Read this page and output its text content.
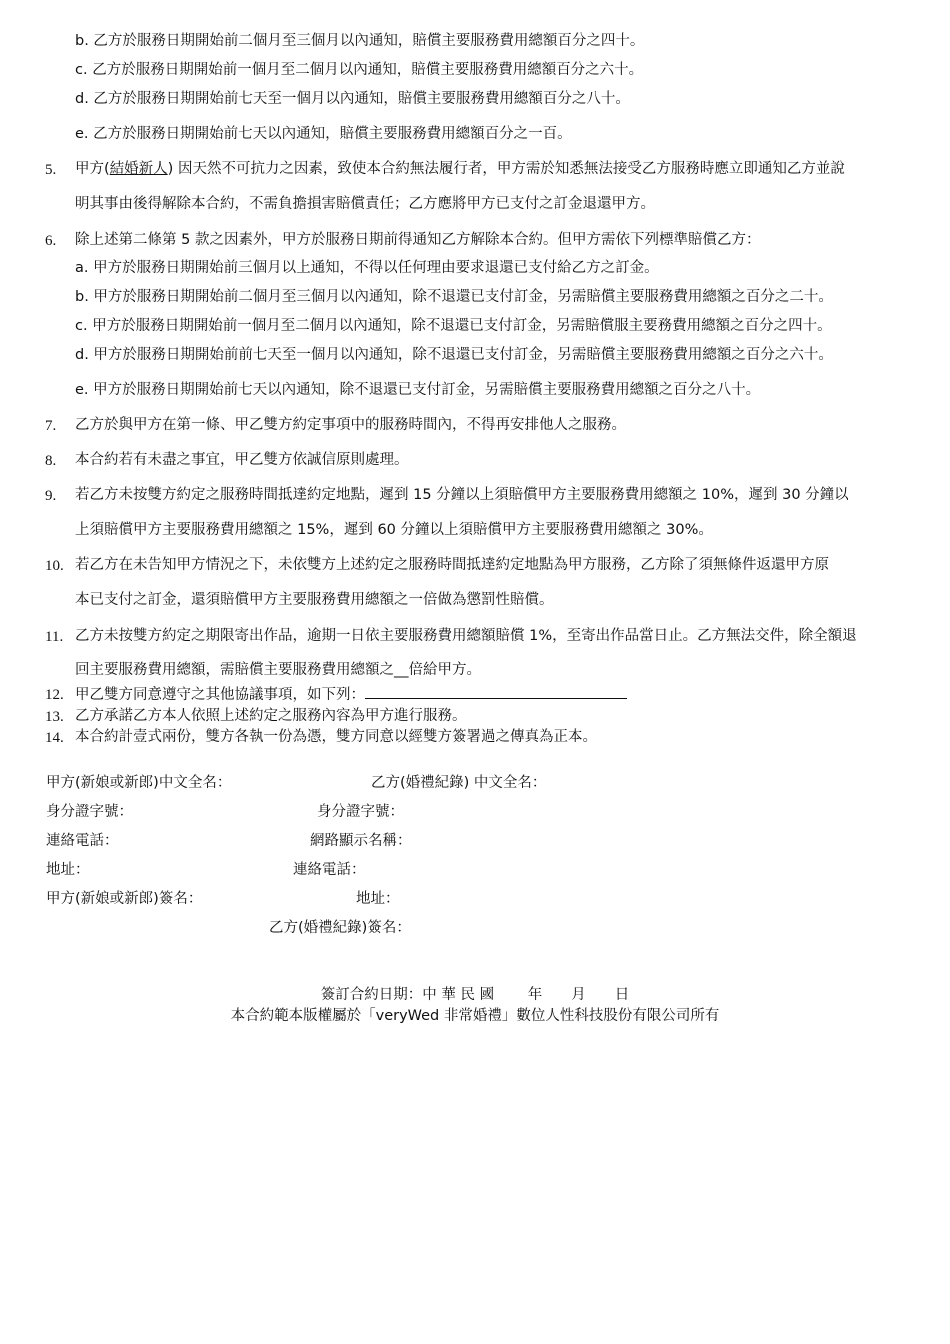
b. 乙方於服務日期開始前二個月至三個月以內通知，賠償主要服務費用總額百分之四十。
c. 乙方於服務日期開始前一個月至二個月以內通知，賠償主要服務費用總額百分之六十。
d. 乙方於服務日期開始前七天至一個月以內通知，賠償主要服務費用總額百分之八十。
e. 乙方於服務日期開始前七天以內通知，賠償主要服務費用總額百分之一百。
5. 甲方(結婚新人) 因天然不可抗力之因素，致使本合約無法履行者，甲方需於知悉無法接受乙方服務時應立即通知乙方並說
明其事由後得解除本合約，不需負擔損害賠償責任；乙方應將甲方已支付之訂金退還甲方。
6. 除上述第二條第 5 款之因素外，甲方於服務日期前得通知乙方解除本合約。但甲方需依下列標準賠償乙方：
a. 甲方於服務日期開始前三個月以上通知，不得以任何理由要求退還已支付給乙方之訂金。
b. 甲方於服務日期開始前二個月至三個月以內通知，除不退還已支付訂金，另需賠償主要服務費用總額之百分之二十。
c. 甲方於服務日期開始前一個月至二個月以內通知，除不退還已支付訂金，另需賠償服主要務費用總額之百分之四十。
d. 甲方於服務日期開始前前七天至一個月以內通知，除不退還已支付訂金，另需賠償主要服務費用總額之百分之六十。
e. 甲方於服務日期開始前七天以內通知，除不退還已支付訂金，另需賠償主要服務費用總額之百分之八十。
7. 乙方於與甲方在第一條、甲乙雙方約定事項中的服務時間內，不得再安排他人之服務。
8. 本合約若有未盡之事宜，甲乙雙方依誠信原則處理。
9. 若乙方未按雙方約定之服務時間抵達約定地點，遲到 15 分鐘以上須賠償甲方主要服務費用總額之 10%，遲到 30 分鐘以
上須賠償甲方主要服務費用總額之 15%，遲到 60 分鐘以上須賠償甲方主要服務費用總額之 30%。
10. 若乙方在未告知甲方情況之下，未依雙方上述約定之服務時間抵達約定地點為甲方服務，乙方除了須無條件返還甲方原
本已支付之訂金，還須賠償甲方主要服務費用總額之一倍做為懲罰性賠償。
11. 乙方未按雙方約定之期限寄出作品，逾期一日依主要服務費用總額賠償 1%，至寄出作品當日止。乙方無法交件，除全額退
回主要服務費用總額，需賠償主要服務費用總額之__倍給甲方。
12. 甲乙雙方同意遵守之其他協議事項，如下列：
13. 乙方承諾乙方本人依照上述約定之服務內容為甲方進行服務。
14. 本合約計壹式兩份，雙方各執一份為憑，雙方同意以經雙方簽署過之傳真為正本。
甲方(新娘或新郎)中文全名：	乙方(婚禮紀錄) 中文全名：
身分證字號：	身分證字號：
連絡電話：	網路顯示名稱：
地址：	連絡電話：
甲方(新娘或新郎)簽名：	地址：
乙方(婚禮紀錄)簽名：
簽訂合約日期：中 華 民 國　　 年　　月　　日
本合約範本版權屬於「veryWed 非常婚禮」數位人性科技股份有限公司所有
